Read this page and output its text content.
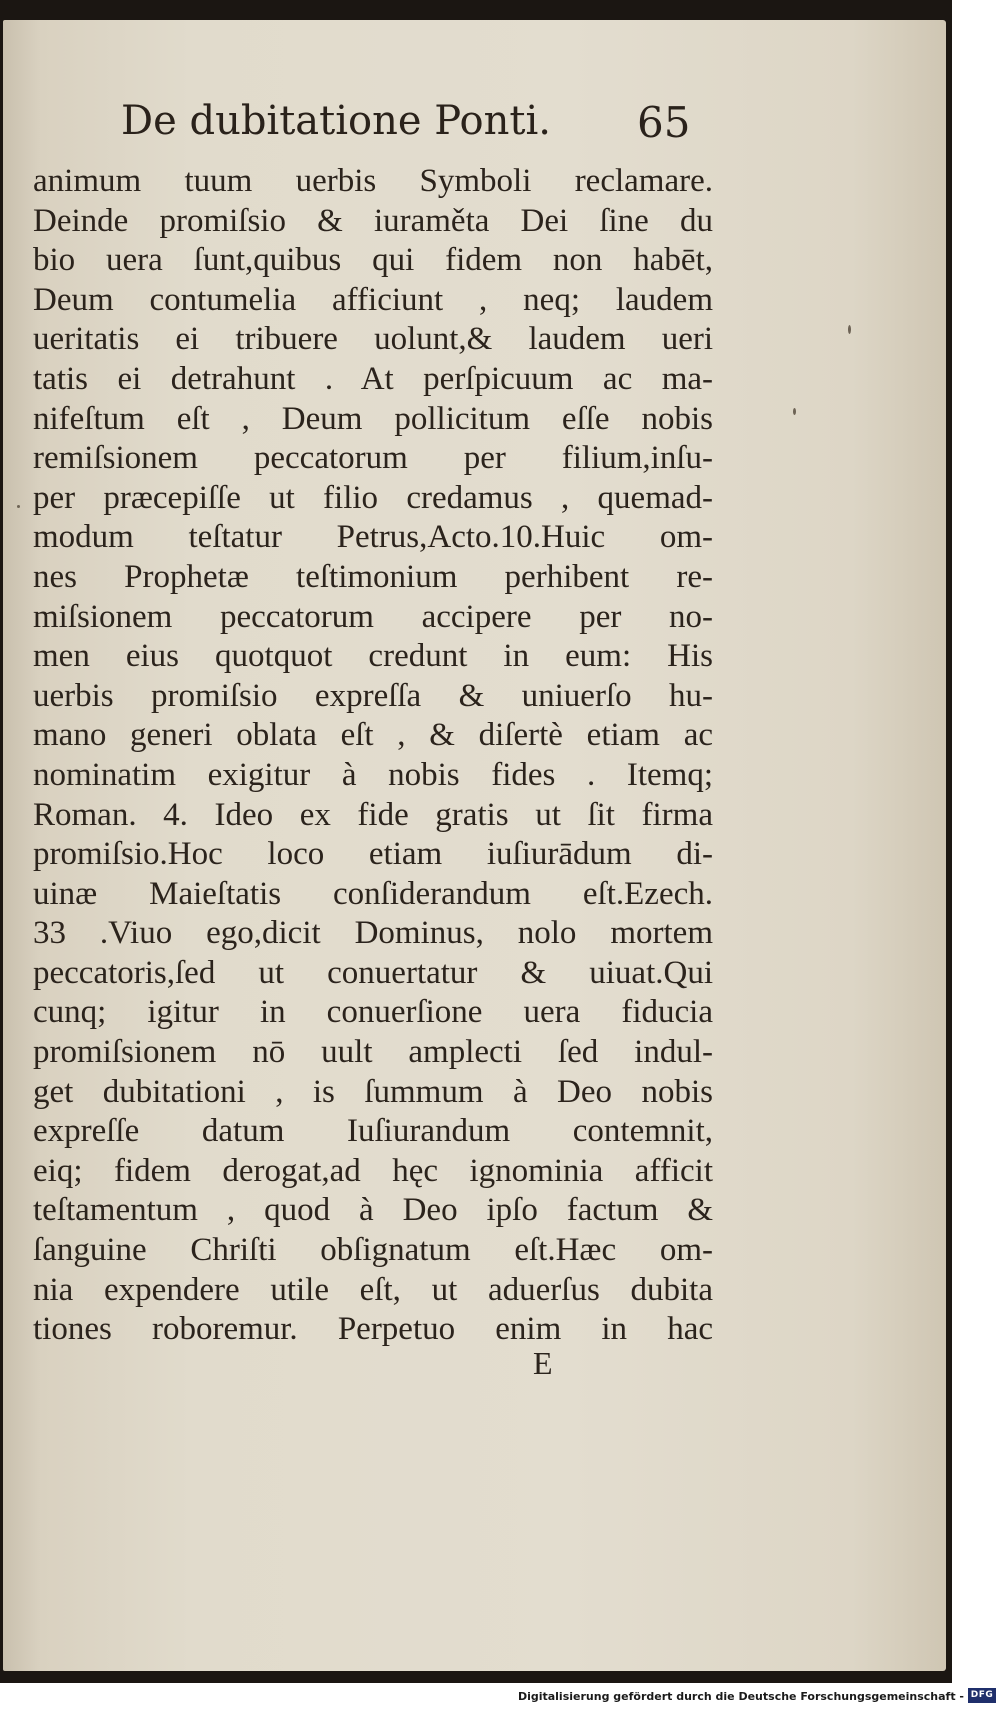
De dubitatione Ponti. 65
animum tuum uerbis Symboli reclamare.
Deinde promiſsio & iuraměta Dei ſine du
bio uera ſunt,quibus qui fidem non habēt,
Deum contumelia afficiunt , neq; laudem
ueritatis ei tribuere uolunt,& laudem ueri
tatis ei detrahunt . At perſpicuum ac ma-
nifeſtum eſt , Deum pollicitum eſſe nobis
remiſsionem peccatorum per filium,inſu-
per præcepiſſe ut filio credamus , quemad-
modum teſtatur Petrus,Acto.10.Huic om-
nes Prophetæ teſtimonium perhibent re-
miſsionem peccatorum accipere per no-
men eius quotquot credunt in eum: His
uerbis promiſsio expreſſa & uniuerſo hu-
mano generi oblata eſt , & diſertè etiam ac
nominatim exigitur à nobis fides . Itemq;
Roman. 4. Ideo ex fide gratis ut ſit firma
promiſsio.Hoc loco etiam iuſiurādum di-
uinæ Maieſtatis conſiderandum eſt.Ezech.
33 .Viuo ego,dicit Dominus, nolo mortem
peccatoris,ſed ut conuertatur & uiuat.Qui
cunq; igitur in conuerſione uera fiducia
promiſsionem nō uult amplecti ſed indul-
get dubitationi , is ſummum à Deo nobis
expreſſe datum Iuſiurandum contemnit,
eiq; fidem derogat,ad hęc ignominia afficit
teſtamentum , quod à Deo ipſo factum &
ſanguine Chriſti obſignatum eſt.Hæc om-
nia expendere utile eſt, ut aduerſus dubita
tiones roboremur. Perpetuo enim in hac
E
Digitalisierung gefördert durch die Deutsche Forschungsgemeinschaft - DFG
